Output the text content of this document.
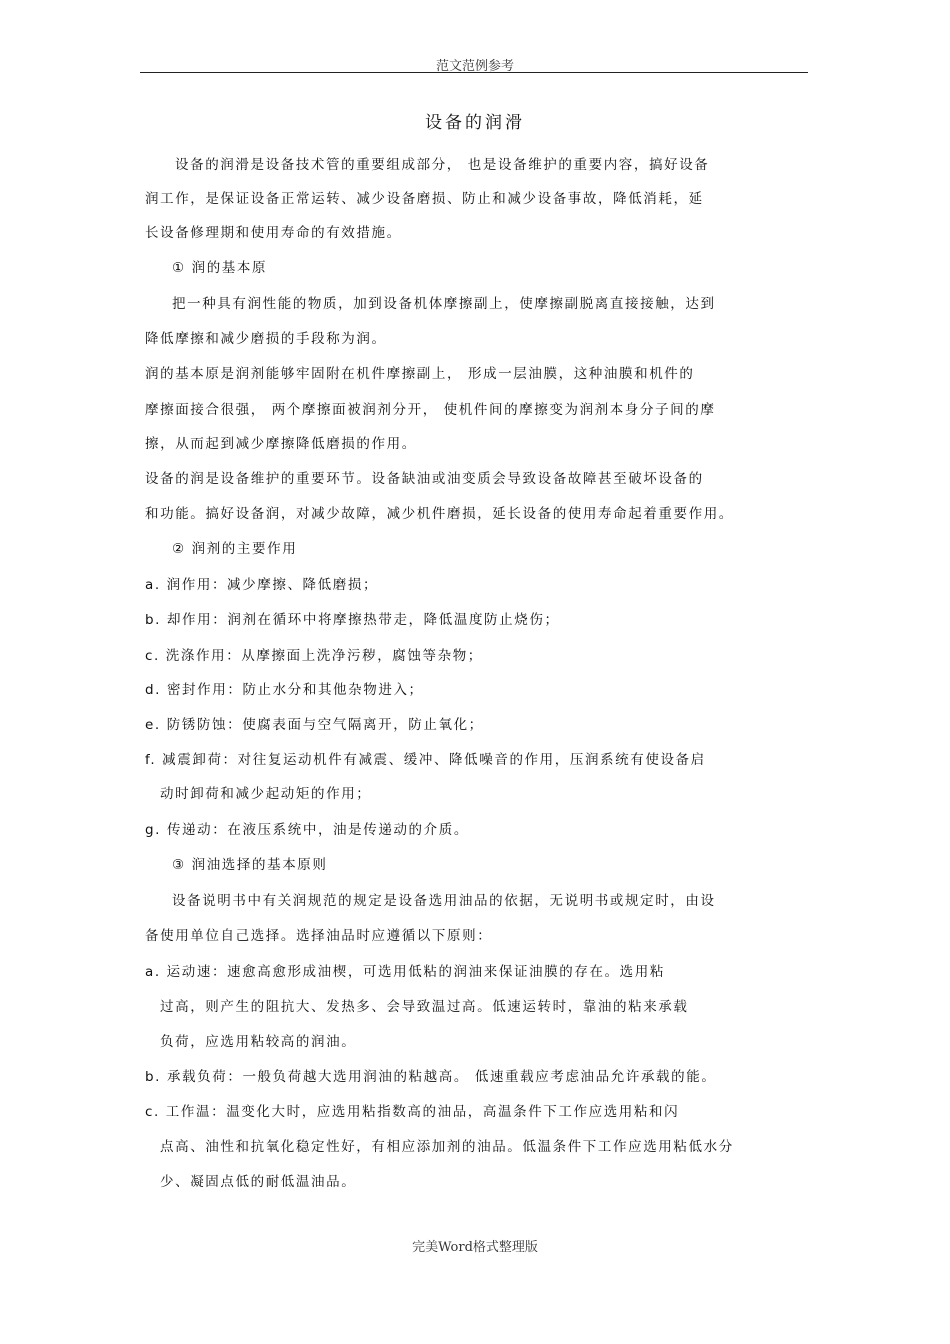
范文范例参考
设备的润滑
设备的润滑是设备技术管的重要组成部分， 也是设备维护的重要内容，搞好设备
润工作，是保证设备正常运转、减少设备磨损、防止和减少设备事故，降低消耗，延
长设备修理期和使用寿命的有效措施。
① 润的基本原
把一种具有润性能的物质，加到设备机体摩擦副上，使摩擦副脱离直接接触，达到
降低摩擦和减少磨损的手段称为润。
润的基本原是润剂能够牢固附在机件摩擦副上， 形成一层油膜，这种油膜和机件的
摩擦面接合很强， 两个摩擦面被润剂分开， 使机件间的摩擦变为润剂本身分子间的摩
擦，从而起到减少摩擦降低磨损的作用。
设备的润是设备维护的重要环节。设备缺油或油变质会导致设备故障甚至破坏设备的
和功能。搞好设备润，对减少故障，减少机件磨损，延长设备的使用寿命起着重要作用。
② 润剂的主要作用
a. 润作用：减少摩擦、降低磨损；
b. 却作用：润剂在循环中将摩擦热带走，降低温度防止烧伤；
c. 洗涤作用：从摩擦面上洗净污秽，腐蚀等杂物；
d. 密封作用：防止水分和其他杂物进入；
e. 防锈防蚀：使腐表面与空气隔离开，防止氧化；
f. 减震卸荷：对往复运动机件有减震、缓冲、降低噪音的作用，压润系统有使设备启
动时卸荷和减少起动矩的作用；
g. 传递动：在液压系统中，油是传递动的介质。
③ 润油选择的基本原则
设备说明书中有关润规范的规定是设备选用油品的依据，无说明书或规定时，由设
备使用单位自己选择。选择油品时应遵循以下原则：
a. 运动速：速愈高愈形成油楔，可选用低粘的润油来保证油膜的存在。选用粘
过高，则产生的阻抗大、发热多、会导致温过高。低速运转时，靠油的粘来承载
负荷，应选用粘较高的润油。
b. 承载负荷：一般负荷越大选用润油的粘越高。 低速重载应考虑油品允许承载的能。
c. 工作温：温变化大时，应选用粘指数高的油品，高温条件下工作应选用粘和闪
点高、油性和抗氧化稳定性好，有相应添加剂的油品。低温条件下工作应选用粘低水分
少、凝固点低的耐低温油品。
完美Word格式整理版
